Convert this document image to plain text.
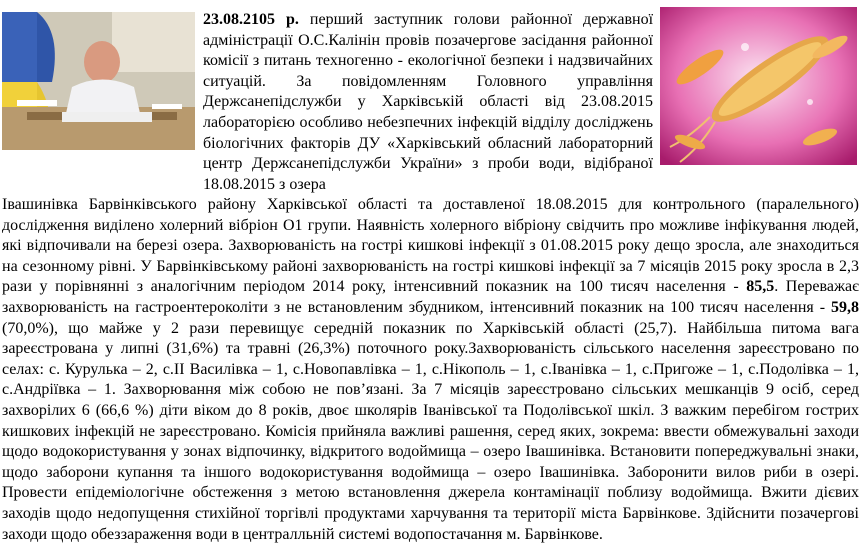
23.08.2105 р. перший заступник голови районної державної адміністрації О.С.Калінін провів позачергове засідання районної комісії з питань техногенно - екологічної безпеки і надзвичайних ситуацій. За повідомленням Головного управління Держсанепідслужби у Харківській області від 23.08.2015 лабораторією особливо небезпечних інфекцій відділу досліджень біологічних факторів ДУ «Харківський обласний лабораторний центр Держсанепідслужби України» з проби води, відібраної 18.08.2015 з озера

Івашинівка Барвінківського району Харківської області та доставленої 18.08.2015 для контрольного (паралельного) дослідження виділено холерний вібріон О1 групи. Наявність холерного вібріону свідчить про можливе інфікування людей, які відпочивали на березі озера. Захворюваність на гострі кишкові інфекції з 01.08.2015 року дещо зросла, але знаходиться на сезонному рівні. У Барвінківському районі захворюваність на гострі кишкові інфекції за 7 місяців 2015 року зросла в 2,3 рази у порівнянні з аналогічним періодом 2014 року, інтенсивний показник на 100 тисяч населення - 85,5. Переважає захворюваність на гастроентероколіти з не встановленим збудником, інтенсивний показник на 100 тисяч населення - 59,8 (70,0%), що майже у 2 рази перевищує середній показник по Харківській області (25,7). Найбільша питома вага зареєстрована у липні (31,6%) та травні (26,3%) поточного року.Захворюваність сільського населення зареєстровано по селах: с. Курулька – 2, с.II Василівка – 1, с.Новопавлівка – 1, с.Нікополь – 1, с.Іванівка – 1, с.Пригоже – 1, с.Подолівка – 1, с.Андріївка – 1. Захворювання між собою не пов’язані. За 7 місяців зареєстровано сільських мешканців 9 осіб, серед захворілих 6 (66,6 %) діти віком до 8 років, двоє школярів Іванівської та Подолівської шкіл. З важким перебігом гострих кишкових інфекцій не зареєстровано. Комісія прийняла важливі рашення, серед яких, зокрема: ввести обмежувальні заходи щодо водокористування у зонах відпочинку, відкритого водоймища – озеро Івашинівка. Встановити попереджувальні знаки, щодо заборони купання та іншого водокористування водоймища – озеро Івашинівка. Заборонити вилов риби в озері. Провести епідеміологічне обстеження з метою встановлення джерела контамінації поблизу водоймища. Вжити дієвих заходів щодо недопущення стихійної торгівлі продуктами харчування та території міста Барвінкове. Здійснити позачергові заходи щодо обеззараження води в централльній системі водопостачання м. Барвінкове.
